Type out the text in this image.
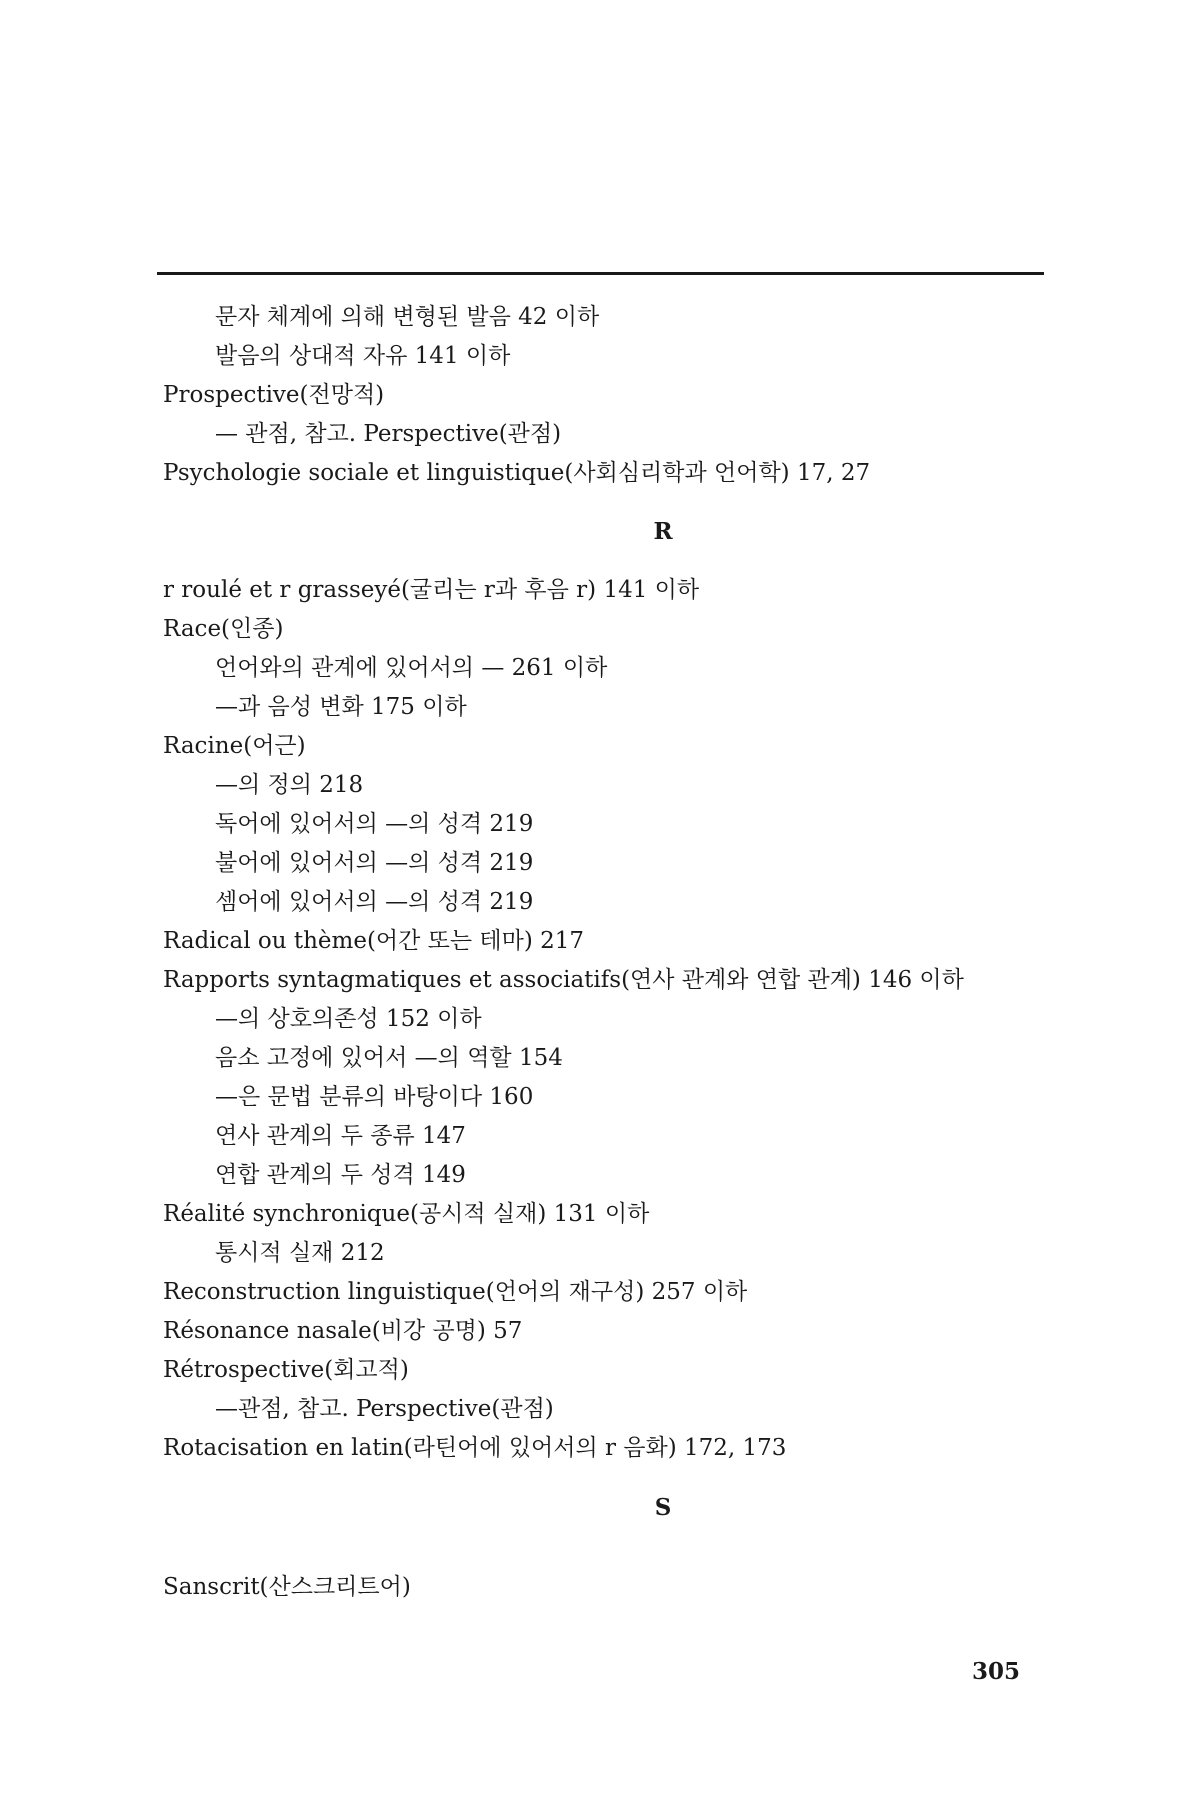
문자 체계에 의해 변형된 발음 42 이하
발음의 상대적 자유 141 이하
Prospective(전망적)
— 관점, 참고. Perspective(관점)
Psychologie sociale et linguistique(사회심리학과 언어학) 17, 27
R
r roulé et r grasseyé(굴리는 r과 후음 r) 141 이하
Race(인종)
언어와의 관계에 있어서의 — 261 이하
—과 음성 변화 175 이하
Racine(어근)
—의 정의 218
독어에 있어서의 —의 성격 219
불어에 있어서의 —의 성격 219
셈어에 있어서의 —의 성격 219
Radical ou thème(어간 또는 테마) 217
Rapports syntagmatiques et associatifs(연사 관계와 연합 관계) 146 이하
—의 상호의존성 152 이하
음소 고정에 있어서 —의 역할 154
—은 문법 분류의 바탕이다 160
연사 관계의 두 종류 147
연합 관계의 두 성격 149
Réalité synchronique(공시적 실재) 131 이하
통시적 실재 212
Reconstruction linguistique(언어의 재구성) 257 이하
Résonance nasale(비강 공명) 57
Rétrospective(회고적)
—관점, 참고. Perspective(관점)
Rotacisation en latin(라틴어에 있어서의 r 음화) 172, 173
S
Sanscrit(산스크리트어)
305
